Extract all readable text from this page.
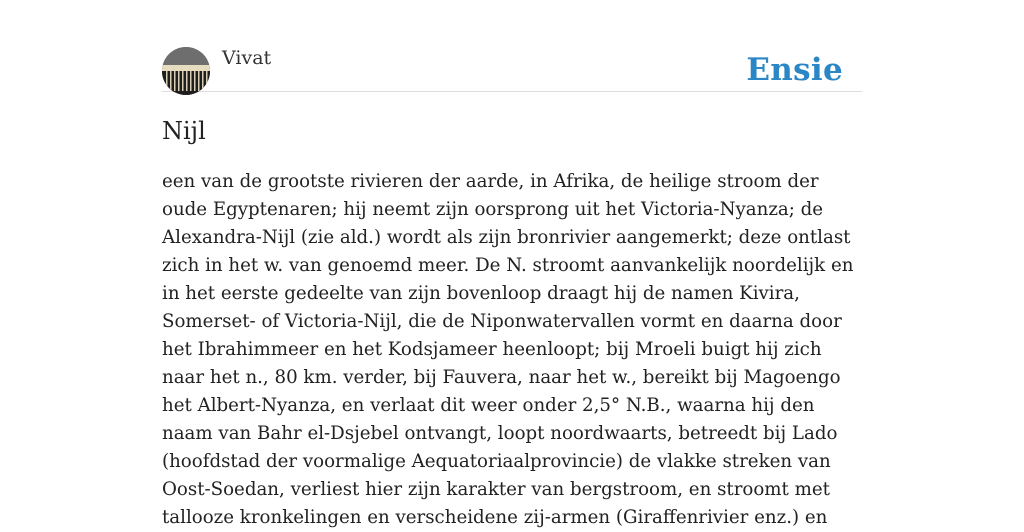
Vivat	Ensie
Nijl

een van de grootste rivieren der aarde, in Afrika, de heilige stroom der oude Egyptenaren; hij neemt zijn oorsprong uit het Victoria-Nyanza; de Alexandra-Nijl (zie ald.) wordt als zijn bronrivier aangemerkt; deze ontlast zich in het w. van genoemd meer. De N. stroomt aanvankelijk noordelijk en in het eerste gedeelte van zijn bovenloop draagt hij de namen Kivira, Somerset- of Victoria-Nijl, die de Niponwatervallen vormt en daarna door het Ibrahimmeer en het Kodsjameer heenloopt; bij Mroeli buigt hij zich naar het n., 80 km. verder, bij Fauvera, naar het w., bereikt bij Magoengo het Albert-Nyanza, en verlaat dit weer onder 2,5° N.B., waarna hij den naam van Bahr el-Dsjebel ontvangt, loopt noordwaarts, betreedt bij Lado (hoofdstad der voormalige Aequatoriaalprovincie) de vlakke streken van Oost-Soedan, verliest hier zijn karakter van bergstroom, en stroomt met tallooze kronkelingen en verscheidene zij-armen (Giraffenrivier enz.) en
